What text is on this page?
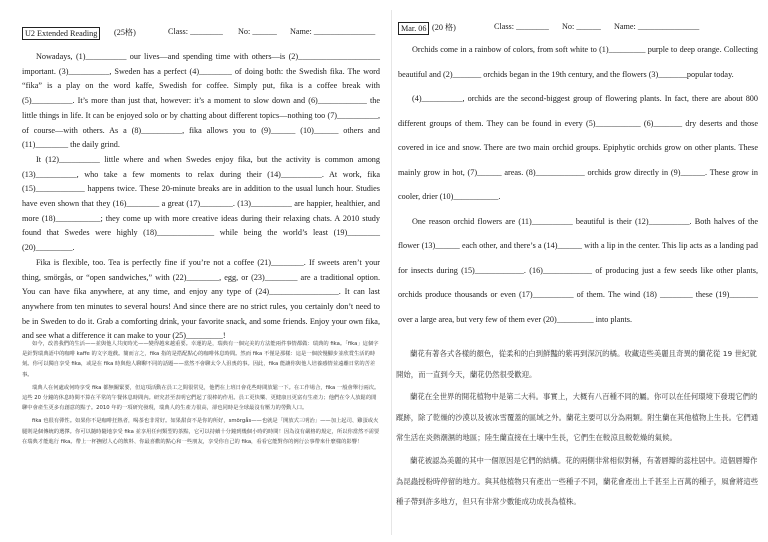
U2 Extended Reading	(25格)	Class: ________ No: ______ Name: _______________

Nowadays, (1)__________ our lives—and spending time with others—is (2)____________________ important. (3)__________, Sweden has a perfect (4)________ of doing both: the Swedish fika. The word “fika” is a play on the word kaffe, Swedish for coffee. Simply put, fika is a coffee break with (5)__________. It’s more than just that, however: it’s a moment to slow down and (6)____________ the little things in life. It can be enjoyed solo or by chatting about different topics—nothing too (7)__________, of course—with others. As a (8)__________, fika allows you to (9)______ (10)______ others and (11)________ the daily grind.

It (12)__________ little where and when Swedes enjoy fika, but the activity is common among (13)__________, who take a few moments to relax during their (14)__________. At work, fika (15)____________ happens twice. These 20-minute breaks are in addition to the usual lunch hour. Studies have even shown that they (16)________ a great (17)________. (13)__________ are happier, healthier, and more (18)___________; they come up with more creative ideas during their relaxing chats. A 2010 study found that Swedes were highly (18)______________ while being the world’s least (19)________ (20)_________.

Fika is flexible, too. Tea is perfectly fine if you’re not a coffee (21)________. If sweets aren’t your thing, smörgås, or “open sandwiches,” with (22)________, egg, or (23)________ are a traditional option. You can have fika anywhere, at any time, and enjoy any type of (24)_________________. It can last anywhere from ten minutes to several hours! And since there are no strict rules, you certainly don’t need to be in Sweden to do it. Grab a comforting drink, your favorite snack, and some friends. Enjoy your own fika, and see what a difference it can make to your (25)_________!

如今，改善我們的生活——並與他人共度時光——變得越來越重要。幸運的是，瑞典有一個完美的方法能兩件事情都做：瑞典的 fika。「fika」這個字是針對瑞典語中的咖啡 kaffe 的文字遊戲。簡而言之，fika 指的是搭配點心的咖啡休息時間。然而 fika 不僅是那樣：這是一個放慢腳步並欣賞生活的時刻。你可以獨自享受 fika，或是在 fika 時與他人聊聊不同的話題——當然不會聊太令人沮喪的事。因此，fika 能讓你與他人培養感情並遠離日常的苦差事。

瑞典人在何處或何時享受 fika 都無關緊要，但這項活動在員工之間很常見，他們在上班日會花些時間放鬆一下。在工作場合，fika 一般會舉行兩次。這些 20 分鐘的休息時間不算在平常的午餐休息時間內。研究甚至表明它們起了很棒的作用。員工更快樂、更健康且更富有生產力；他們在令人放鬆的閒聊中會產生更多有創意的點子。2010 年的一項研究發現，瑞典人的生產力很高，卻也同時是全球最沒有壓力的勞動人口。

fika 也很有彈性。如果你不是咖啡狂熱者，喝茶也非常好。如果甜食不是你的所好，smörgås——也就是「開放式三明治」——加上起司、雞蛋或火腿則是個傳統的選擇。你可以隨時隨地享受 fika 並享用任何類型的茶點，它可以持續十分鐘到幾個小時的時間！因為沒有嚴格的規定，所以你當然不需要在瑞典才能進行 fika。帶上一杯撫慰人心的飲料、你最喜歡的點心和一些朋友，享受你自己的 fika，看看它能對你的例行公事帶來什麼樣的影響！

Mar. 06 (20 格)	Class: ________ No: ______ Name: _______________

Orchids come in a rainbow of colors, from soft white to (1)_________ purple to deep orange. Collecting beautiful and (2)_______ orchids began in the 19th century, and the flowers (3)_______popular today.

(4)__________, orchids are the second-biggest group of flowering plants. In fact, there are about 800 different groups of them. They can be found in every (5)___________ (6)_______ dry deserts and those covered in ice and snow. There are two main orchid groups. Epiphytic orchids grow on other plants. These mainly grow in hot, (7)______ areas. (8)____________ orchids grow directly in (9)______. These grow in cooler, drier (10)___________.

One reason orchid flowers are (11)__________ beautiful is their (12)__________. Both halves of the flower (13)______ each other, and there’s a (14)______ with a lip in the center. This lip acts as a landing pad for insects during (15)____________. (16)____________ of producing just a few seeds like other plants, orchids produce thousands or even (17)__________ of them. The wind (18) ________ these (19)_______ over a large area, but very few of them ever (20)_________ into plants.

蘭花有著各式各樣的顏色，從柔和的白到鮮豔的紫再到深沉的橘。收藏這些美麗且奇異的蘭花從 19 世紀就開始，而一直到今天，蘭花仍然很受歡迎。

蘭花在全世界的開花植物中是第二大科。事實上，大概有八百種不同的屬。你可以在任何環境下發現它們的蹤跡，除了乾燥的沙漠以及被冰雪覆蓋的區域之外。蘭花主要可以分為兩類。附生蘭在其他植物上生長。它們通常生活在炎熱潮濕的地區；陸生蘭直接在土壤中生長，它們生在較涼且較乾燥的氣候。

蘭花被認為美麗的其中一個原因是它們的結構。花的兩側非常相似對稱，有著唇瓣的蕊柱居中。這個唇瓣作為昆蟲授粉時停留的地方。與其他植物只有產出一些種子不同，蘭花會產出上千甚至上百萬的種子，風會將這些種子帶到許多地方，但只有非常少數能成功成長為植株。
